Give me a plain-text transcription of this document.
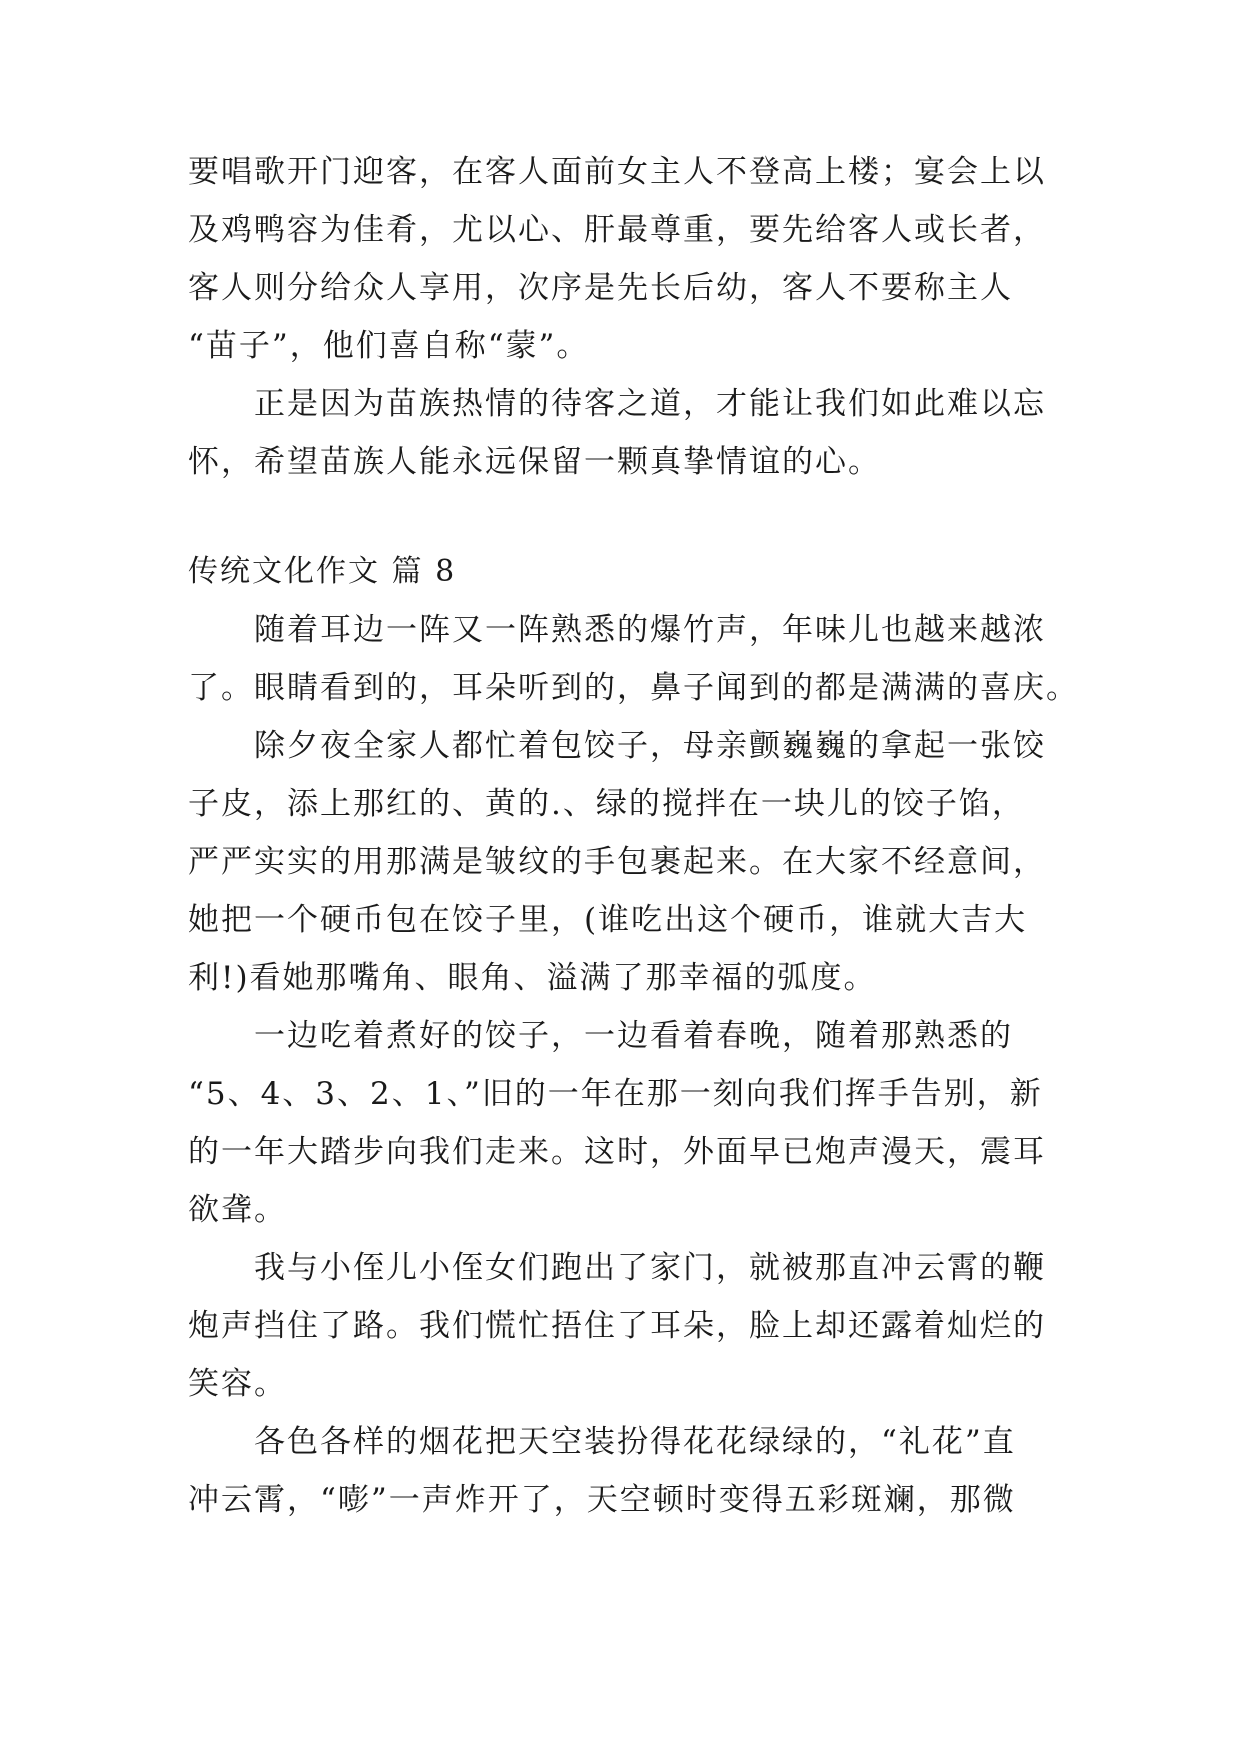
要唱歌开门迎客，在客人面前女主人不登高上楼；宴会上以
及鸡鸭容为佳肴，尤以心、肝最尊重，要先给客人或长者，
客人则分给众人享用，次序是先长后幼，客人不要称主人
“苗子”，他们喜自称“蒙”。
正是因为苗族热情的待客之道，才能让我们如此难以忘
怀，希望苗族人能永远保留一颗真挚情谊的心。
传统文化作文 篇 8
随着耳边一阵又一阵熟悉的爆竹声，年味儿也越来越浓
了。眼睛看到的，耳朵听到的，鼻子闻到的都是满满的喜庆。
除夕夜全家人都忙着包饺子，母亲颤巍巍的拿起一张饺
子皮，添上那红的、黄的.、绿的搅拌在一块儿的饺子馅，
严严实实的用那满是皱纹的手包裹起来。在大家不经意间，
她把一个硬币包在饺子里，(谁吃出这个硬币，谁就大吉大
利!)看她那嘴角、眼角、溢满了那幸福的弧度。
一边吃着煮好的饺子，一边看着春晚，随着那熟悉的
“5、4、3、2、1、”旧的一年在那一刻向我们挥手告别，新
的一年大踏步向我们走来。这时，外面早已炮声漫天，震耳
欲聋。
我与小侄儿小侄女们跑出了家门，就被那直冲云霄的鞭
炮声挡住了路。我们慌忙捂住了耳朵，脸上却还露着灿烂的
笑容。
各色各样的烟花把天空装扮得花花绿绿的，“礼花”直
冲云霄，“嘭”一声炸开了，天空顿时变得五彩斑斓，那微
